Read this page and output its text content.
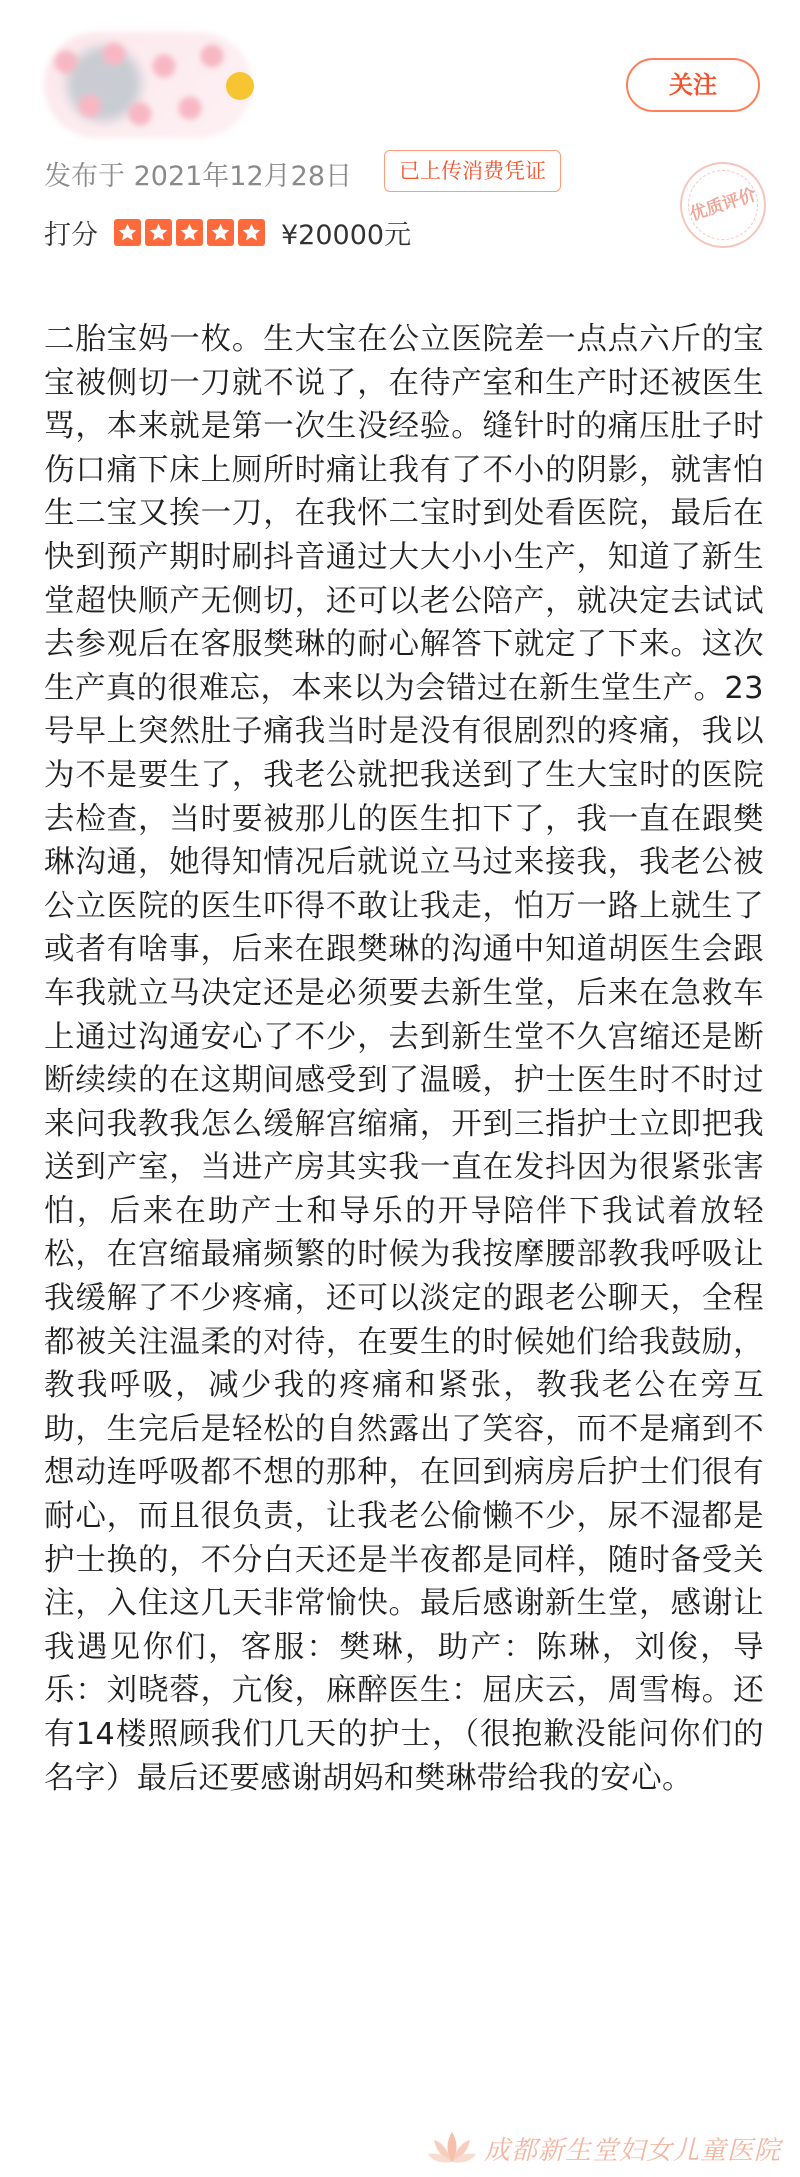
关注
发布于 2021年12月28日	已上传消费凭证
优质评价
打分	¥20000元

二胎宝妈一枚。生大宝在公立医院差一点点六斤的宝宝被侧切一刀就不说了，在待产室和生产时还被医生骂，本来就是第一次生没经验。缝针时的痛压肚子时伤口痛下床上厕所时痛让我有了不小的阴影，就害怕生二宝又挨一刀，在我怀二宝时到处看医院，最后在快到预产期时刷抖音通过大大小小生产，知道了新生堂超快顺产无侧切，还可以老公陪产，就决定去试试去参观后在客服樊琳的耐心解答下就定了下来。这次生产真的很难忘，本来以为会错过在新生堂生产。23号早上突然肚子痛我当时是没有很剧烈的疼痛，我以为不是要生了，我老公就把我送到了生大宝时的医院去检查，当时要被那儿的医生扣下了，我一直在跟樊琳沟通，她得知情况后就说立马过来接我，我老公被公立医院的医生吓得不敢让我走，怕万一路上就生了或者有啥事，后来在跟樊琳的沟通中知道胡医生会跟车我就立马决定还是必须要去新生堂，后来在急救车上通过沟通安心了不少，去到新生堂不久宫缩还是断断续续的在这期间感受到了温暖，护士医生时不时过来问我教我怎么缓解宫缩痛，开到三指护士立即把我送到产室，当进产房其实我一直在发抖因为很紧张害怕，后来在助产士和导乐的开导陪伴下我试着放轻松，在宫缩最痛频繁的时候为我按摩腰部教我呼吸让我缓解了不少疼痛，还可以淡定的跟老公聊天，全程都被关注温柔的对待，在要生的时候她们给我鼓励，教我呼吸，减少我的疼痛和紧张，教我老公在旁互助，生完后是轻松的自然露出了笑容，而不是痛到不想动连呼吸都不想的那种，在回到病房后护士们很有耐心，而且很负责，让我老公偷懒不少，尿不湿都是护士换的，不分白天还是半夜都是同样，随时备受关注，入住这几天非常愉快。最后感谢新生堂，感谢让我遇见你们，客服：樊琳，助产：陈琳，刘俊，导乐：刘晓蓉，亢俊，麻醉医生：屈庆云，周雪梅。还有14楼照顾我们几天的护士，（很抱歉没能问你们的名字）最后还要感谢胡妈和樊琳带给我的安心。

成都新生堂妇女儿童医院
